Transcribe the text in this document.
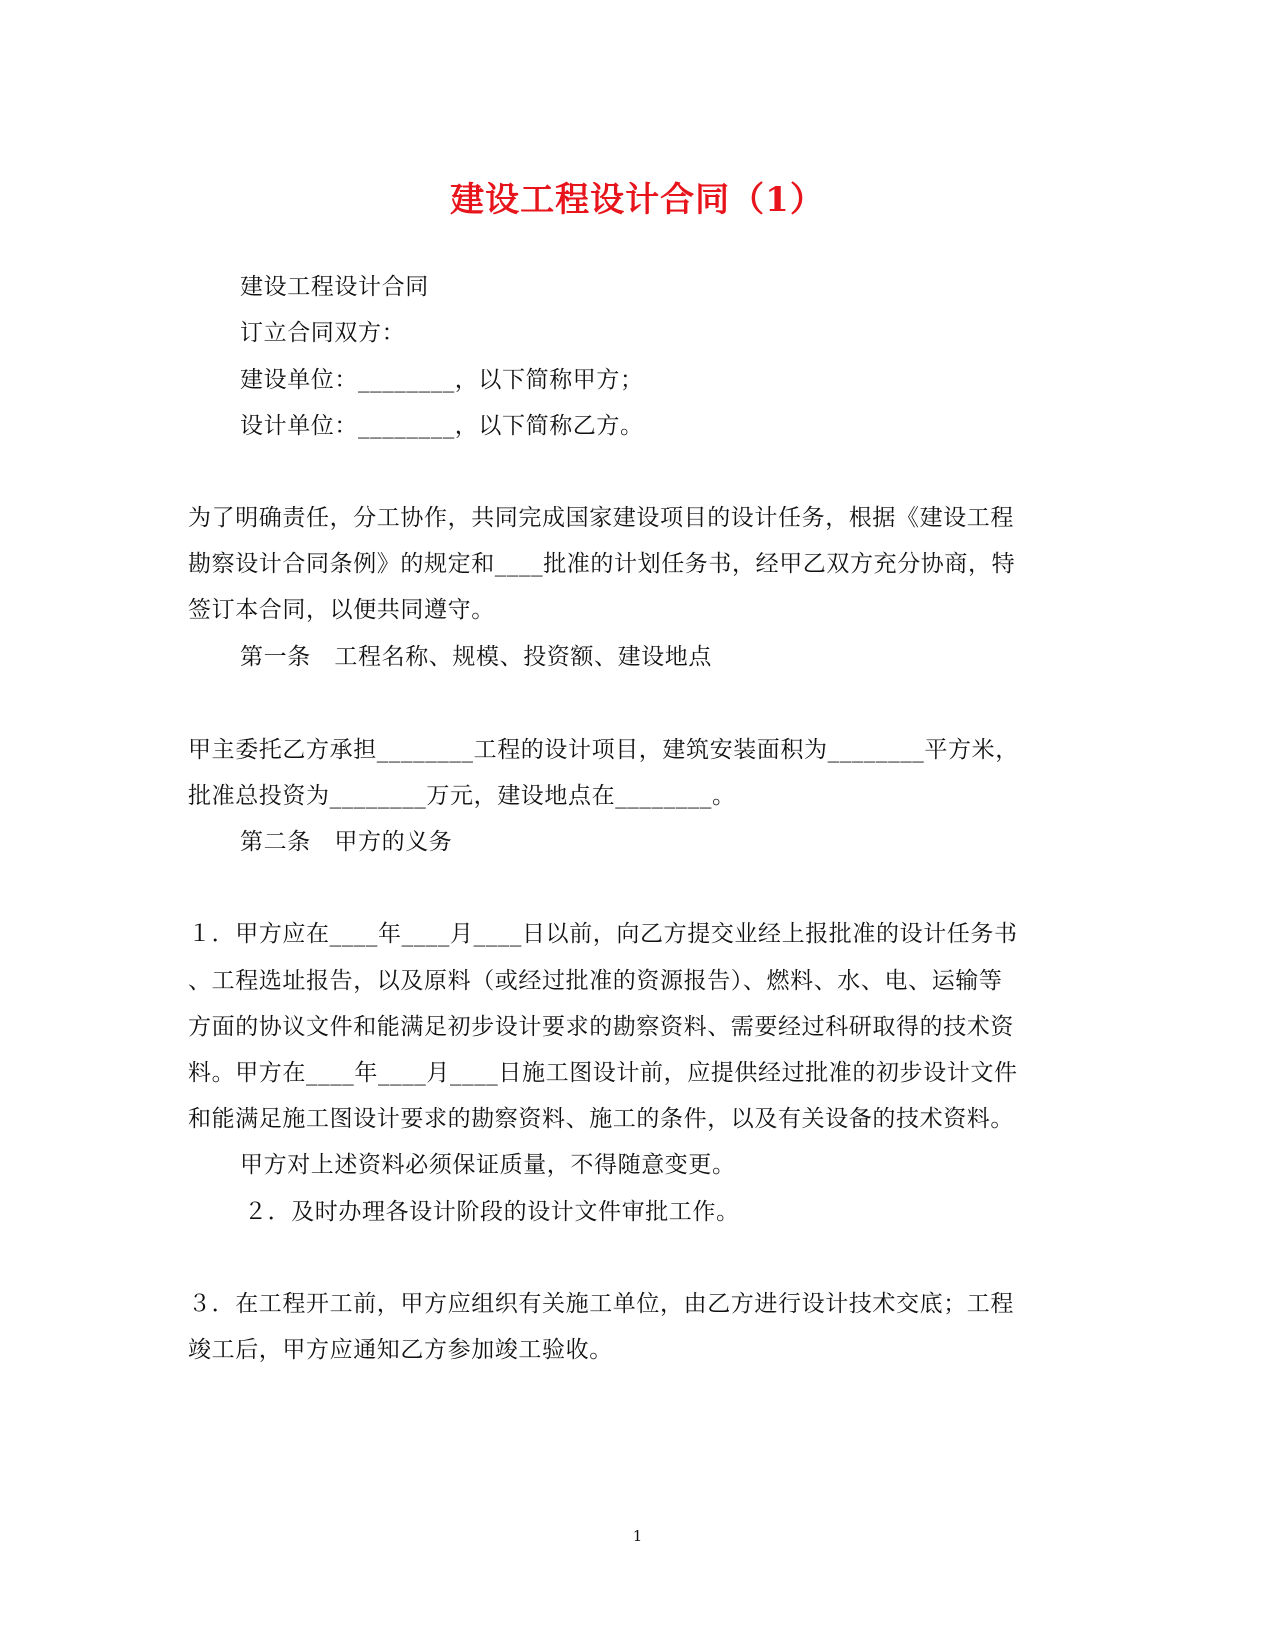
建设工程设计合同（1）
建设工程设计合同
订立合同双方：
建设单位：________，以下简称甲方；
设计单位：________，以下简称乙方。
为了明确责任，分工协作，共同完成国家建设项目的设计任务，根据《建设工程
勘察设计合同条例》的规定和____批准的计划任务书，经甲乙双方充分协商，特
签订本合同，以便共同遵守。
第一条　工程名称、规模、投资额、建设地点
甲主委托乙方承担________工程的设计项目，建筑安装面积为________平方米，
批准总投资为________万元，建设地点在________。
第二条　甲方的义务
１．甲方应在____年____月____日以前，向乙方提交业经上报批准的设计任务书
、工程选址报告，以及原料（或经过批准的资源报告）、燃料、水、电、运输等
方面的协议文件和能满足初步设计要求的勘察资料、需要经过科研取得的技术资
料。甲方在____年____月____日施工图设计前，应提供经过批准的初步设计文件
和能满足施工图设计要求的勘察资料、施工的条件，以及有关设备的技术资料。
甲方对上述资料必须保证质量，不得随意变更。
２．及时办理各设计阶段的设计文件审批工作。
３．在工程开工前，甲方应组织有关施工单位，由乙方进行设计技术交底；工程
竣工后，甲方应通知乙方参加竣工验收。
1
